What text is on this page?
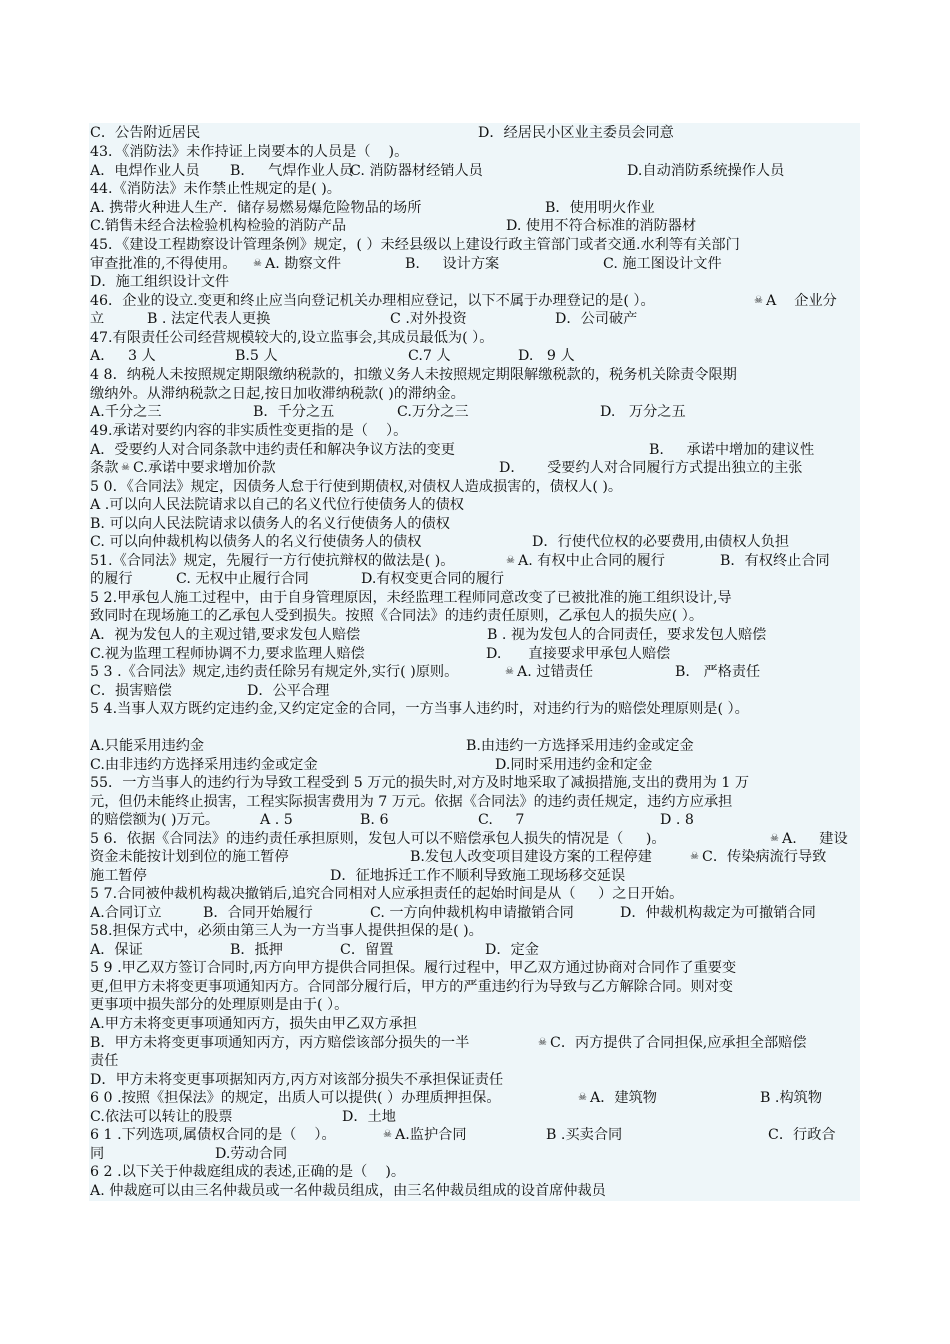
C．公告附近居民	D．经居民小区业主委员会同意
43．《消防法》未作持证上岗要本的人员是（    )。
A．电焊作业人员 B．   气焊作业人员
C. 消防器材经销人员	D.自动消防系统操作人员
44.《消防法》未作禁止性规定的是( )。
A. 携带火种进人生产．储存易燃易爆危险物品的场所	B．使用明火作业
C.销售未经合法检验机构检验的消防产品	D. 使用不符合标准的消防器材
45．《建设工程勘察设计管理条例》规定，( ）未经县级以上建设行政主管部门或者交通.水利等有关部门
审查批准的,不得使用。 A. 勘察文件
☠	B.     设计方案	C. 施工图设计文件
D．施工组织设计文件
46．企业的设立.变更和终止应当向登记机关办理相应登记，以下不属于办理登记的是( ）。	A    企业分
☠
立	B . 法定代表人更换	C .对外投资	D．公司破产
47.有限责任公司经营规模较大的,设立监事会,其成员最低为( ）。
A．   3 人	B.5 人	C.7 人	D.   9 人
4 8．纳税人未按照规定期限缴纳税款的，扣缴义务人未按照规定期限解缴税款的，税务机关除责令限期
缴纳外。从滞纳税款之日起,按日加收滞纳税款( )的滞纳金。
A.千分之三	B．千分之五	C.万分之三	D.   万分之五
49.承诺对要约内容的非实质性变更指的是（    ）。
A．受要约人对合同条款中违约责任和解决争议方法的变更	B.     承诺中增加的建议性
条款 C.承诺中要求增加价款
☠	D．     受要约人对合同履行方式提出独立的主张
5 0．《合同法》规定，因债务人怠于行使到期债权,对债权人造成损害的，债权人( )。
A .可以向人民法院请求以自己的名义代位行使债务人的债权
B. 可以向人民法院请求以债务人的名义行使债务人的债权
C. 可以向仲裁机构以债务人的名义行使债务人的债权	D．行使代位权的必要费用,由债权人负担
51.《合同法》规定，先履行一方行使抗辩权的做法是( )。	A. 有权中止合同的履行
☠	B．有权终止合同
的履行	C. 无权中止履行合同	D.有权变更合同的履行
5 2.甲承包人施工过程中，由于自身管理原因，未经监理工程师同意改变了已被批准的施工组织设计,导
致同时在现场施工的乙承包人受到损失。按照《合同法》的违约责任原则，乙承包人的损失应( ）。
A．视为发包人的主观过错,要求发包人赔偿	B . 视为发包人的合同责任，要求发包人赔偿
C.视为监理工程师协调不力,要求监理人赔偿	D.      直接要求甲承包人赔偿
5 3 .《合同法》规定,违约责任除另有规定外,实行( )原则。	A. 过错责任
☠	B.   严格责任
C．损害赔偿	D．公平合理
5 4.当事人双方既约定违约金,又约定定金的合同，一方当事人违约时，对违约行为的赔偿处理原则是( ）。
A.只能采用违约金	B.由违约一方选择采用违约金或定金
C.由非违约方选择采用违约金或定金	D.同时采用违约金和定金
55．一方当事人的违约行为导致工程受到 5 万元的损失时,对方及时地采取了减损措施,支出的费用为 1 万
元，但仍未能终止损害，工程实际损害费用为 7 万元。依据《合同法》的违约责任规定，违约方应承担
的赔偿额为( )万元。	A . 5	B. 6	C.     7	D . 8
5 6．依据《合同法》的违约责任承担原则，发包人可以不赔偿承包人损失的情况是（     )。	A.     建设
☠
资金未能按计划到位的施工暂停	B.发包人改变项目建设方案的工程停建	C．传染病流行导致
☠
施工暂停	D．征地拆迁工作不顺利导致施工现场移交延误
5 7.合同被仲裁机构裁决撤销后,追究合同相对人应承担责任的起始时间是从（     ）之日开始。
A.合同订立	B．合同开始履行	C. 一方向仲裁机构申请撤销合同	D．仲裁机构裁定为可撤销合同
58.担保方式中，必须由第三人为一方当事人提供担保的是( )。
A．保证	B．抵押	C．留置	D．定金
5 9 .甲乙双方签订合同时,丙方向甲方提供合同担保。履行过程中，甲乙双方通过协商对合同作了重要变
更,但甲方未将变更事项通知丙方。合同部分履行后，甲方的严重违约行为导致与乙方解除合同。则对变
更事项中损失部分的处理原则是由于( ）。
A.甲方未将变更事项通知丙方，损失由甲乙双方承担
B．甲方未将变更事项通知丙方，丙方赔偿该部分损失的一半	C．丙方提供了合同担保,应承担全部赔偿
☠
责任
D．甲方未将变更事项据知丙方,丙方对该部分损失不承担保证责任
6 0 .按照《担保法》的规定，出质人可以提供( ）办理质押担保。	A．建筑物
☠	B .构筑物
C.依法可以转让的股票	D．土地
6 1 .下列选项,属债权合同的是（    ）。	A.监护合同
☠	B .买卖合同	C．行政合
同	D.劳动合同
6 2 .以下关于仲裁庭组成的表述,正确的是（    )。
A. 仲裁庭可以由三名仲裁员或一名仲裁员组成，由三名仲裁员组成的设首席仲裁员
